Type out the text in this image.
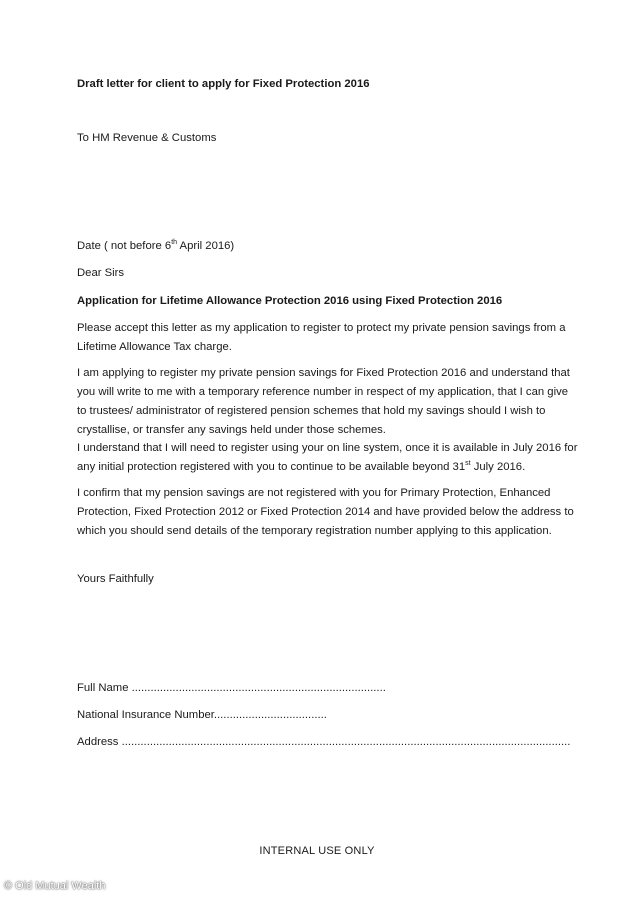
Draft letter for client to apply for Fixed Protection 2016
To HM Revenue & Customs
Date ( not before 6th April 2016)
Dear Sirs
Application for Lifetime Allowance Protection 2016 using Fixed Protection 2016
Please accept this letter as my application to register to protect my private pension savings from a
Lifetime Allowance Tax charge.
I am applying to register my private pension savings for Fixed Protection 2016 and understand that
you will write to me with a temporary reference number in respect of my application, that I can give
to trustees/ administrator of registered pension schemes that hold my savings should I wish to
crystallise, or transfer any savings held under those schemes.
I understand that I will need to register using your on line system, once it is available in July 2016 for
any initial protection registered with you to continue to be available beyond 31st July 2016.
I confirm that my pension savings are not registered with you for Primary Protection, Enhanced
Protection, Fixed Protection 2012 or Fixed Protection 2014 and have provided below the address to
which you should send details of the temporary registration number applying to this application.
Yours Faithfully
Full Name .................................................................................
National Insurance Number....................................
Address ...............................................................................................................................................
INTERNAL USE ONLY
© Old Mutual Wealth
